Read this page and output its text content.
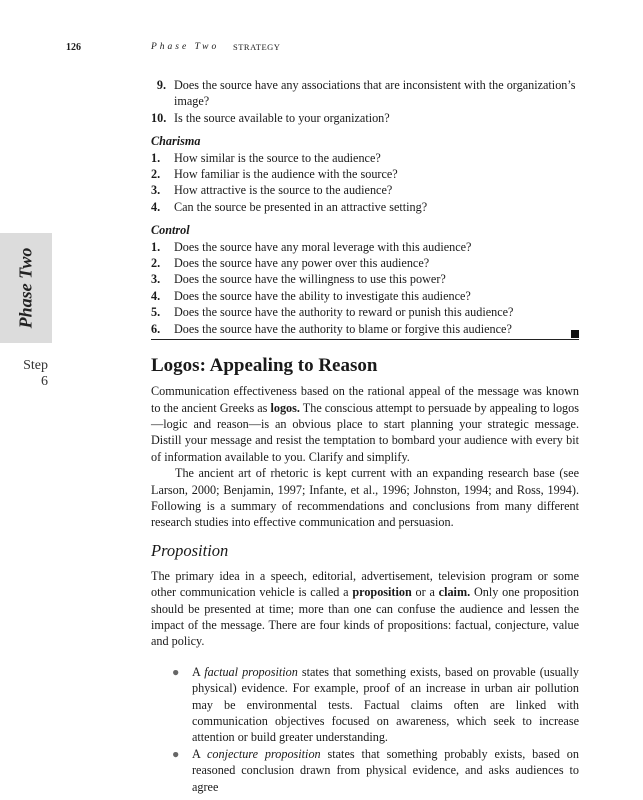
126	Phase Two STRATEGY
Phase Two
Step
6
9. Does the source have any associations that are inconsistent with the organization’s image?
10. Is the source available to your organization?
Charisma
1.	How similar is the source to the audience?
2.	How familiar is the audience with the source?
3.	How attractive is the source to the audience?
4.	Can the source be presented in an attractive setting?
Control
1.	Does the source have any moral leverage with this audience?
2.	Does the source have any power over this audience?
3.	Does the source have the willingness to use this power?
4.	Does the source have the ability to investigate this audience?
5.	Does the source have the authority to reward or punish this audience?
6.	Does the source have the authority to blame or forgive this audience?
Logos: Appealing to Reason

Communication effectiveness based on the rational appeal of the message was known to the ancient Greeks as logos. The conscious attempt to persuade by appealing to logos—logic and reason—is an obvious place to start planning your strategic message. Distill your message and resist the temptation to bombard your audience with every bit of information available to you. Clarify and simplify.

The ancient art of rhetoric is kept current with an expanding research base (see Larson, 2000; Benjamin, 1997; Infante, et al., 1996; Johnston, 1994; and Ross, 1994). Following is a summary of recommendations and conclusions from many different research studies into effective communication and persuasion.

Proposition

The primary idea in a speech, editorial, advertisement, television program or some other communication vehicle is called a proposition or a claim. Only one proposition should be presented at time; more than one can confuse the audience and lessen the impact of the message. There are four kinds of propositions: factual, conjecture, value and policy.

●	A factual proposition states that something exists, based on provable (usually physical) evidence. For example, proof of an increase in urban air pollution may be environmental tests. Factual claims often are linked with communication objectives focused on awareness, which seek to increase attention or build greater understanding.
●	A conjecture proposition states that something probably exists, based on reasoned conclusion drawn from physical evidence, and asks audiences to agree
